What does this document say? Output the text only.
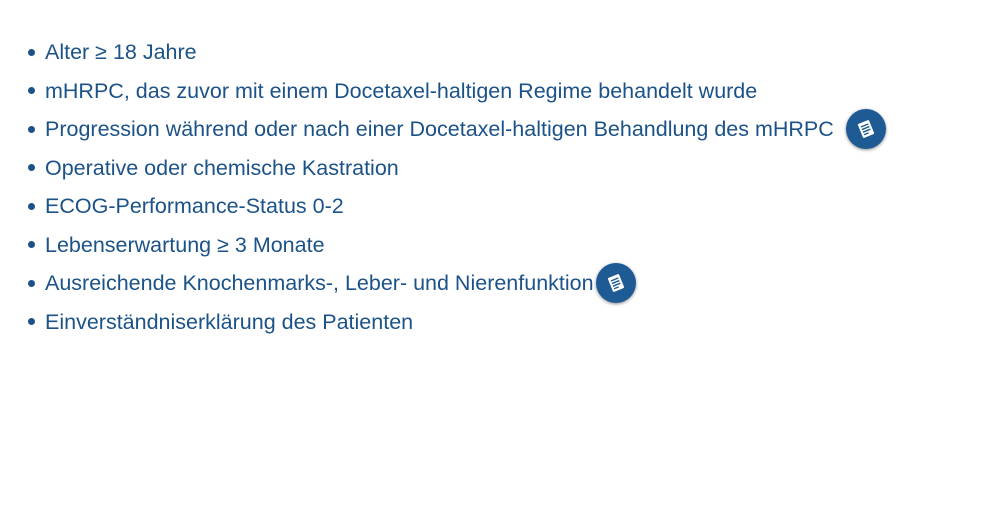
Alter ≥ 18 Jahre
mHRPC, das zuvor mit einem Docetaxel-haltigen Regime behandelt wurde
Progression während oder nach einer Docetaxel-haltigen Behandlung des mHRPC
Operative oder chemische Kastration
ECOG-Performance-Status 0-2
Lebenserwartung ≥ 3 Monate
Ausreichende Knochenmarks-, Leber- und Nierenfunktion
Einverständniserklärung des Patienten
